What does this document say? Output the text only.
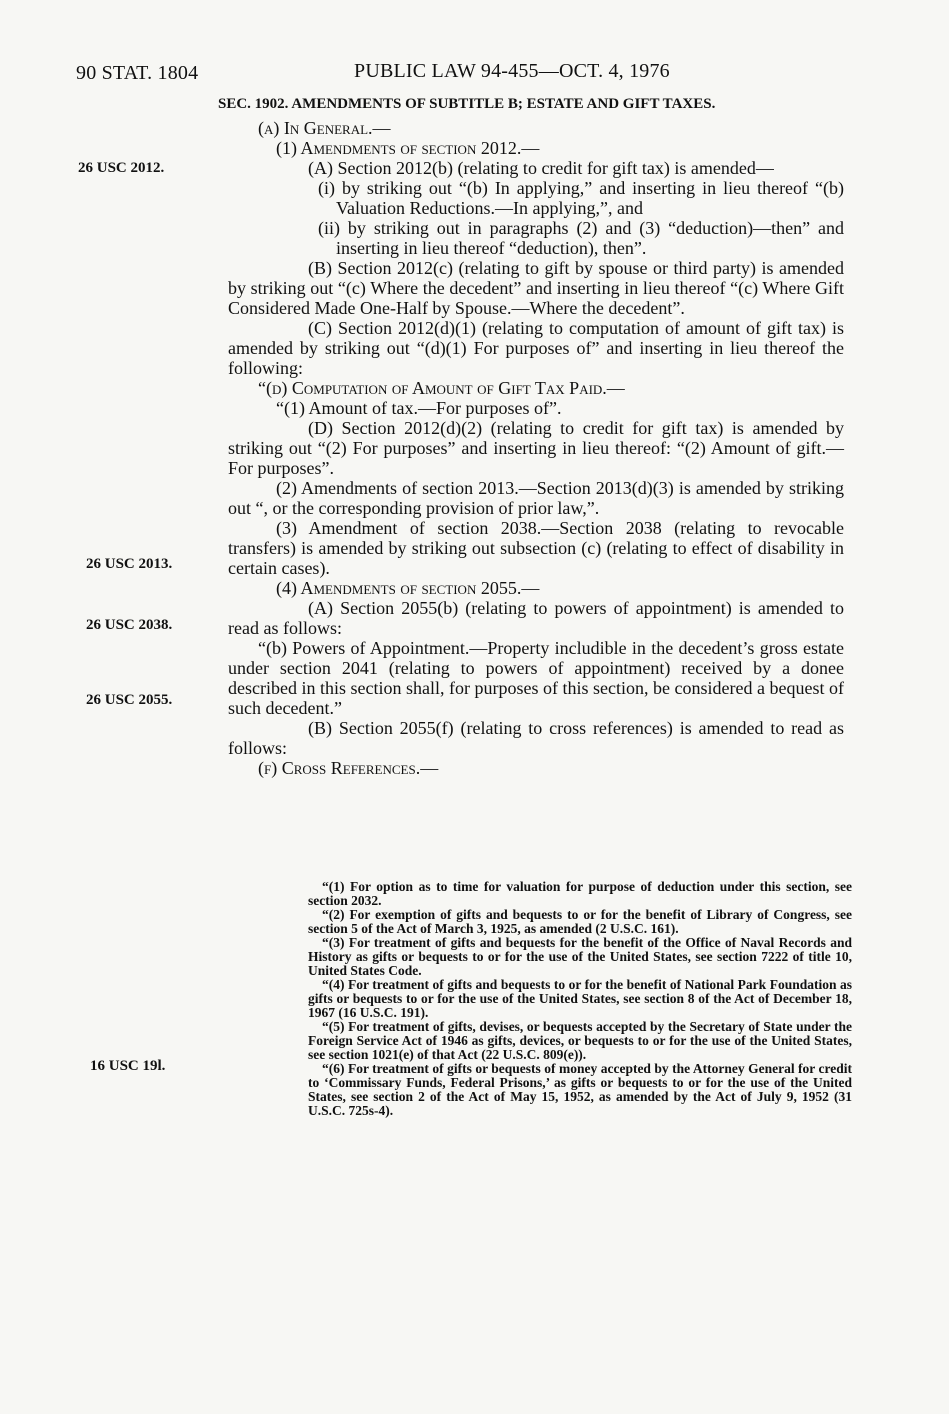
90 STAT. 1804	PUBLIC LAW 94-455—OCT. 4, 1976
26 USC 2012.
26 USC 2013.
26 USC 2038.
26 USC 2055.
16 USC 19l.
SEC. 1902. AMENDMENTS OF SUBTITLE B; ESTATE AND GIFT TAXES.

(a) In General.—

(1) Amendments of section 2012.—

(A) Section 2012(b) (relating to credit for gift tax) is amended—

(i) by striking out “(b) In applying,” and inserting in lieu thereof “(b) Valuation Reductions.—In applying,”, and

(ii) by striking out in paragraphs (2) and (3) “deduction)—then” and inserting in lieu thereof “deduction), then”.

(B) Section 2012(c) (relating to gift by spouse or third party) is amended by striking out “(c) Where the decedent” and inserting in lieu thereof “(c) Where Gift Considered Made One-Half by Spouse.—Where the decedent”.

(C) Section 2012(d)(1) (relating to computation of amount of gift tax) is amended by striking out “(d)(1) For purposes of” and inserting in lieu thereof the following:

“(d) Computation of Amount of Gift Tax Paid.—

“(1) Amount of tax.—For purposes of”.

(D) Section 2012(d)(2) (relating to credit for gift tax) is amended by striking out “(2) For purposes” and inserting in lieu thereof: “(2) Amount of gift.—For purposes”.

(2) Amendments of section 2013.—Section 2013(d)(3) is amended by striking out “, or the corresponding provision of prior law,”.

(3) Amendment of section 2038.—Section 2038 (relating to revocable transfers) is amended by striking out subsection (c) (relating to effect of disability in certain cases).

(4) Amendments of section 2055.—

(A) Section 2055(b) (relating to powers of appointment) is amended to read as follows:

“(b) Powers of Appointment.—Property includible in the decedent’s gross estate under section 2041 (relating to powers of appointment) received by a donee described in this section shall, for purposes of this section, be considered a bequest of such decedent.”

(B) Section 2055(f) (relating to cross references) is amended to read as follows:

(f) Cross References.—

“(1) For option as to time for valuation for purpose of deduction under this section, see section 2032.

“(2) For exemption of gifts and bequests to or for the benefit of Library of Congress, see section 5 of the Act of March 3, 1925, as amended (2 U.S.C. 161).

“(3) For treatment of gifts and bequests for the benefit of the Office of Naval Records and History as gifts or bequests to or for the use of the United States, see section 7222 of title 10, United States Code.

“(4) For treatment of gifts and bequests to or for the benefit of National Park Foundation as gifts or bequests to or for the use of the United States, see section 8 of the Act of December 18, 1967 (16 U.S.C. 191).

“(5) For treatment of gifts, devises, or bequests accepted by the Secretary of State under the Foreign Service Act of 1946 as gifts, devices, or bequests to or for the use of the United States, see section 1021(e) of that Act (22 U.S.C. 809(e)).

“(6) For treatment of gifts or bequests of money accepted by the Attorney General for credit to ‘Commissary Funds, Federal Prisons,’ as gifts or bequests to or for the use of the United States, see section 2 of the Act of May 15, 1952, as amended by the Act of July 9, 1952 (31 U.S.C. 725s-4).
